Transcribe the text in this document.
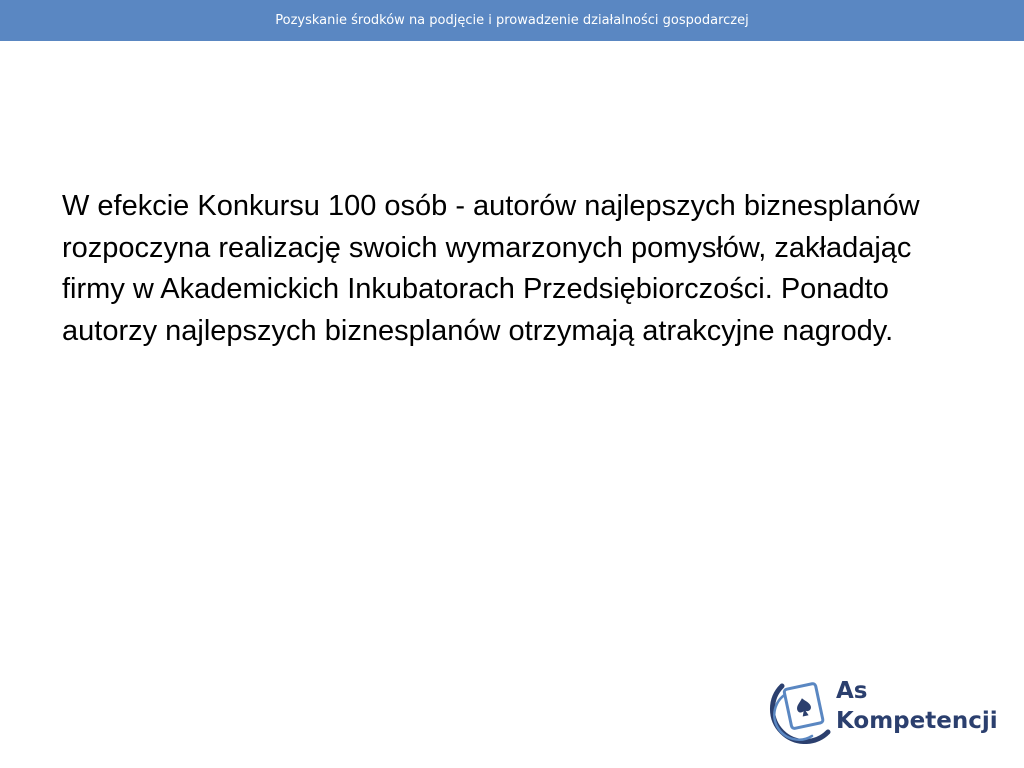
Pozyskanie środków na podjęcie i prowadzenie działalności gospodarczej

W efekcie Konkursu 100 osób - autorów najlepszych biznesplanów rozpoczyna realizację swoich wymarzonych pomysłów, zakładając firmy w Akademickich Inkubatorach Przedsiębiorczości. Ponadto autorzy najlepszych biznesplanów otrzymają atrakcyjne nagrody.

As
Kompetencji
